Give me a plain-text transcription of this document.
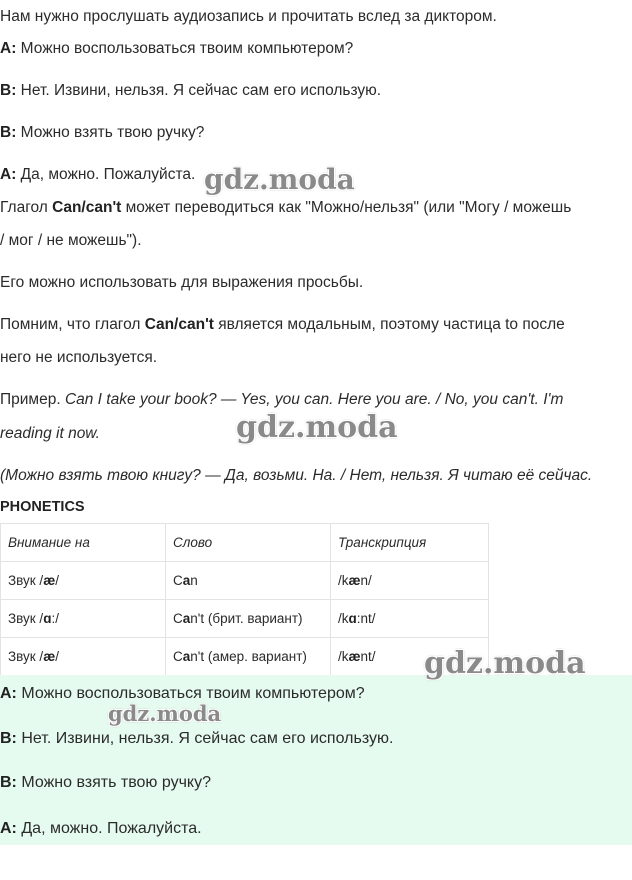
Нам нужно прослушать аудиозапись и прочитать вслед за диктором.
A: Можно воспользоваться твоим компьютером?
B: Нет. Извини, нельзя. Я сейчас сам его использую.
B: Можно взять твою ручку?
A: Да, можно. Пожалуйста.
Глагол Can/can't может переводиться как "Можно/нельзя" (или "Могу / можешь
/ мог / не можешь").
Его можно использовать для выражения просьбы.
Помним, что глагол Can/can't является модальным, поэтому частица to после
него не используется.
Пример. Can I take your book? — Yes, you can. Here you are. / No, you can't. I'm
reading it now.
(Можно взять твою книгу? — Да, возьми. На. / Нет, нельзя. Я читаю её сейчас.
PHONETICS
Внимание на	Слово	Транскрипция
Звук /æ/	Can	/kæn/
Звук /ɑ:/	Can't (брит. вариант)	/kɑ:nt/
Звук /æ/	Can't (амер. вариант)	/kænt/
A: Можно воспользоваться твоим компьютером?
B: Нет. Извини, нельзя. Я сейчас сам его использую.
B: Можно взять твою ручку?
A: Да, можно. Пожалуйста.
gdz.moda
gdz.moda
gdz.moda
gdz.moda
